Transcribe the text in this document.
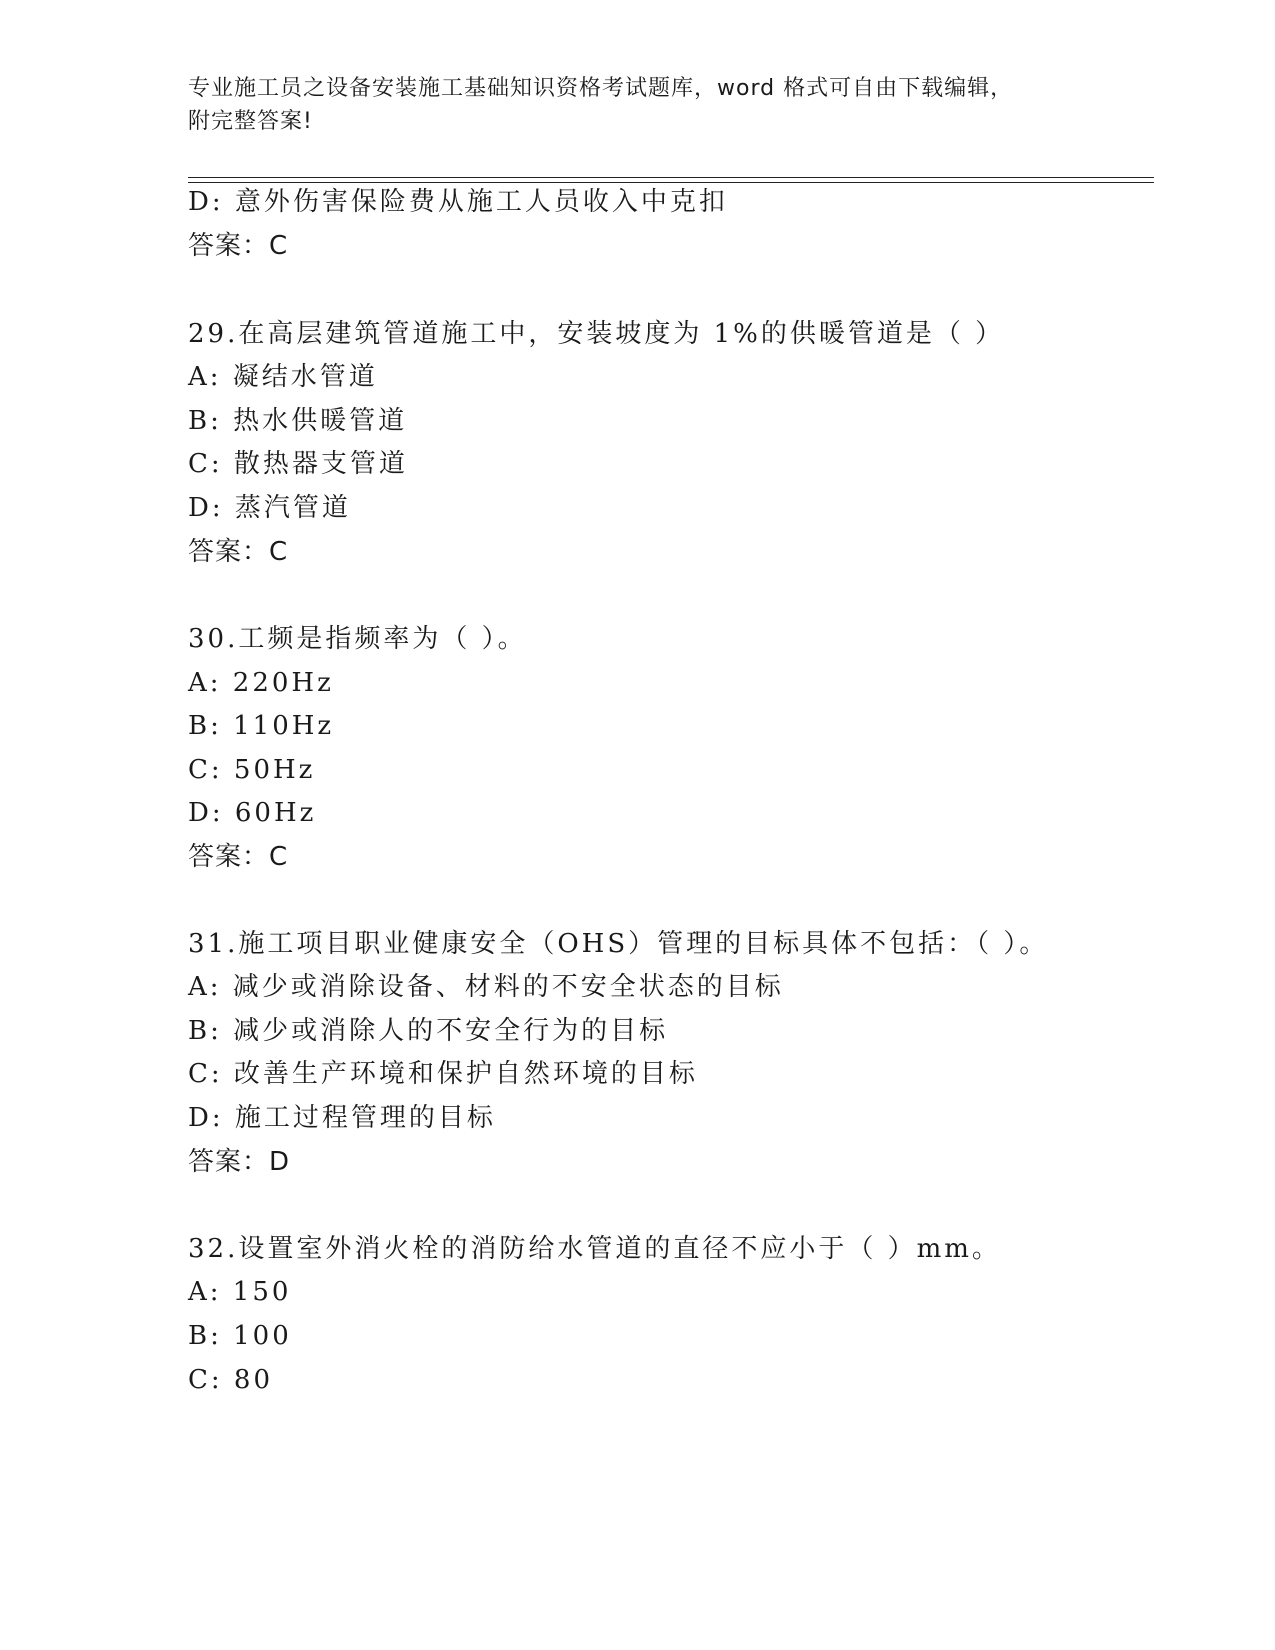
专业施工员之设备安装施工基础知识资格考试题库，word 格式可自由下载编辑，
附完整答案!
D: 意外伤害保险费从施工人员收入中克扣
答案：C
29.在高层建筑管道施工中，安装坡度为 1%的供暖管道是（ ）
A: 凝结水管道
B: 热水供暖管道
C: 散热器支管道
D: 蒸汽管道
答案：C
30.工频是指频率为（ ）。
A: 220Hz
B: 110Hz
C: 50Hz
D: 60Hz
答案：C
31.施工项目职业健康安全（OHS）管理的目标具体不包括：（ ）。
A: 减少或消除设备、材料的不安全状态的目标
B: 减少或消除人的不安全行为的目标
C: 改善生产环境和保护自然环境的目标
D: 施工过程管理的目标
答案：D
32.设置室外消火栓的消防给水管道的直径不应小于（ ）mm。
A: 150
B: 100
C: 80
